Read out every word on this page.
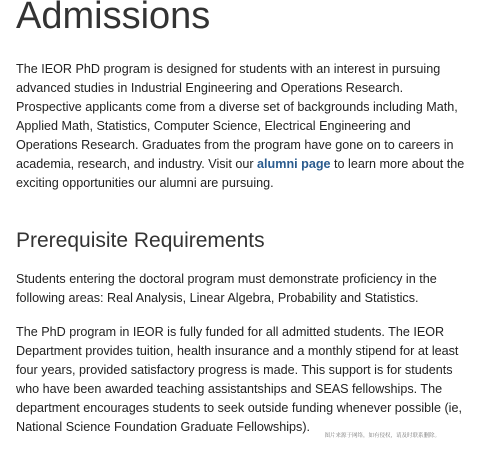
Admissions

The IEOR PhD program is designed for students with an interest in pursuing advanced studies in Industrial Engineering and Operations Research. Prospective applicants come from a diverse set of backgrounds including Math, Applied Math, Statistics, Computer Science, Electrical Engineering and Operations Research. Graduates from the program have gone on to careers in academia, research, and industry. Visit our alumni page to learn more about the exciting opportunities our alumni are pursuing.

Prerequisite Requirements

Students entering the doctoral program must demonstrate proficiency in the following areas: Real Analysis, Linear Algebra, Probability and Statistics.

The PhD program in IEOR is fully funded for all admitted students. The IEOR Department provides tuition, health insurance and a monthly stipend for at least four years, provided satisfactory progress is made. This support is for students who have been awarded teaching assistantships and SEAS fellowships. The department encourages students to seek outside funding whenever possible (ie, National Science Foundation Graduate Fellowships).

图片来源于网络，如有侵权，请及时联系删除。
